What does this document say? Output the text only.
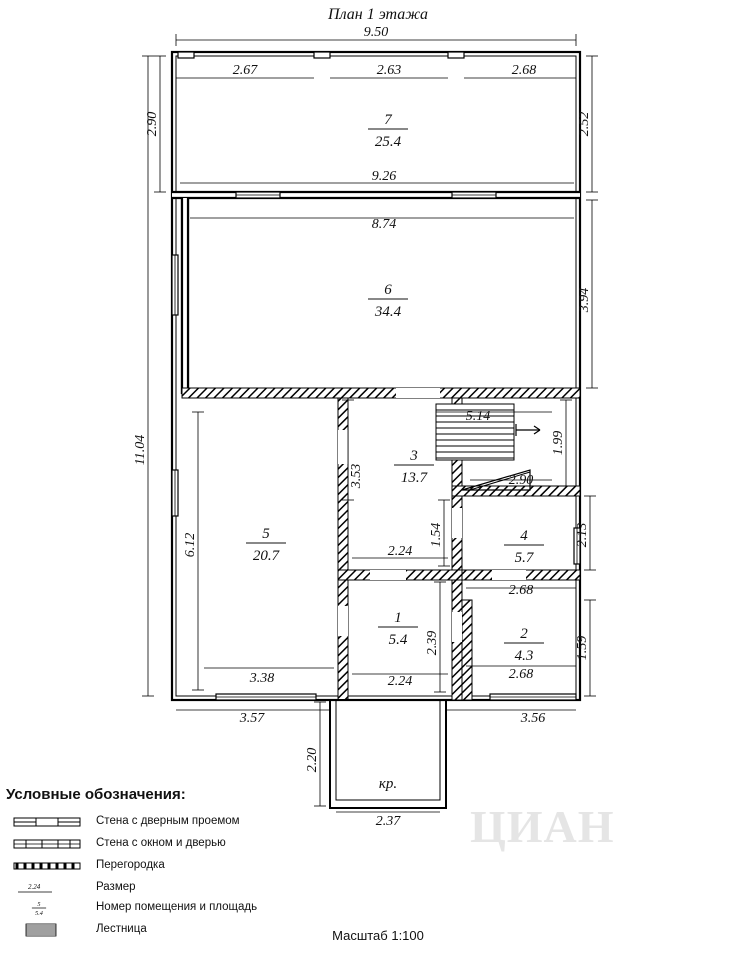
План 1 этажа
9.50
2.67	2.63	2.68
2.90	2.52
9.26
8.74
3.94
11.04
6.12
5.14
1.99
3.53	2.90
1.54	2.13
2.68
2.24
2.39
2.24
1.59
2.68
3.38
3.57	3.56
2.20
2.37
7
25.4
6
34.4
5
20.7
3
13.7
4
5.7
1
5.4	2
4.3
кр.
Условные обозначения:
Стена с дверным проемом
Стена с окном и дверью
Перегородка
2.24	Размер
5
5.4
Номер помещения и площадь
Лестница
ЦИАН
Масштаб 1:100
